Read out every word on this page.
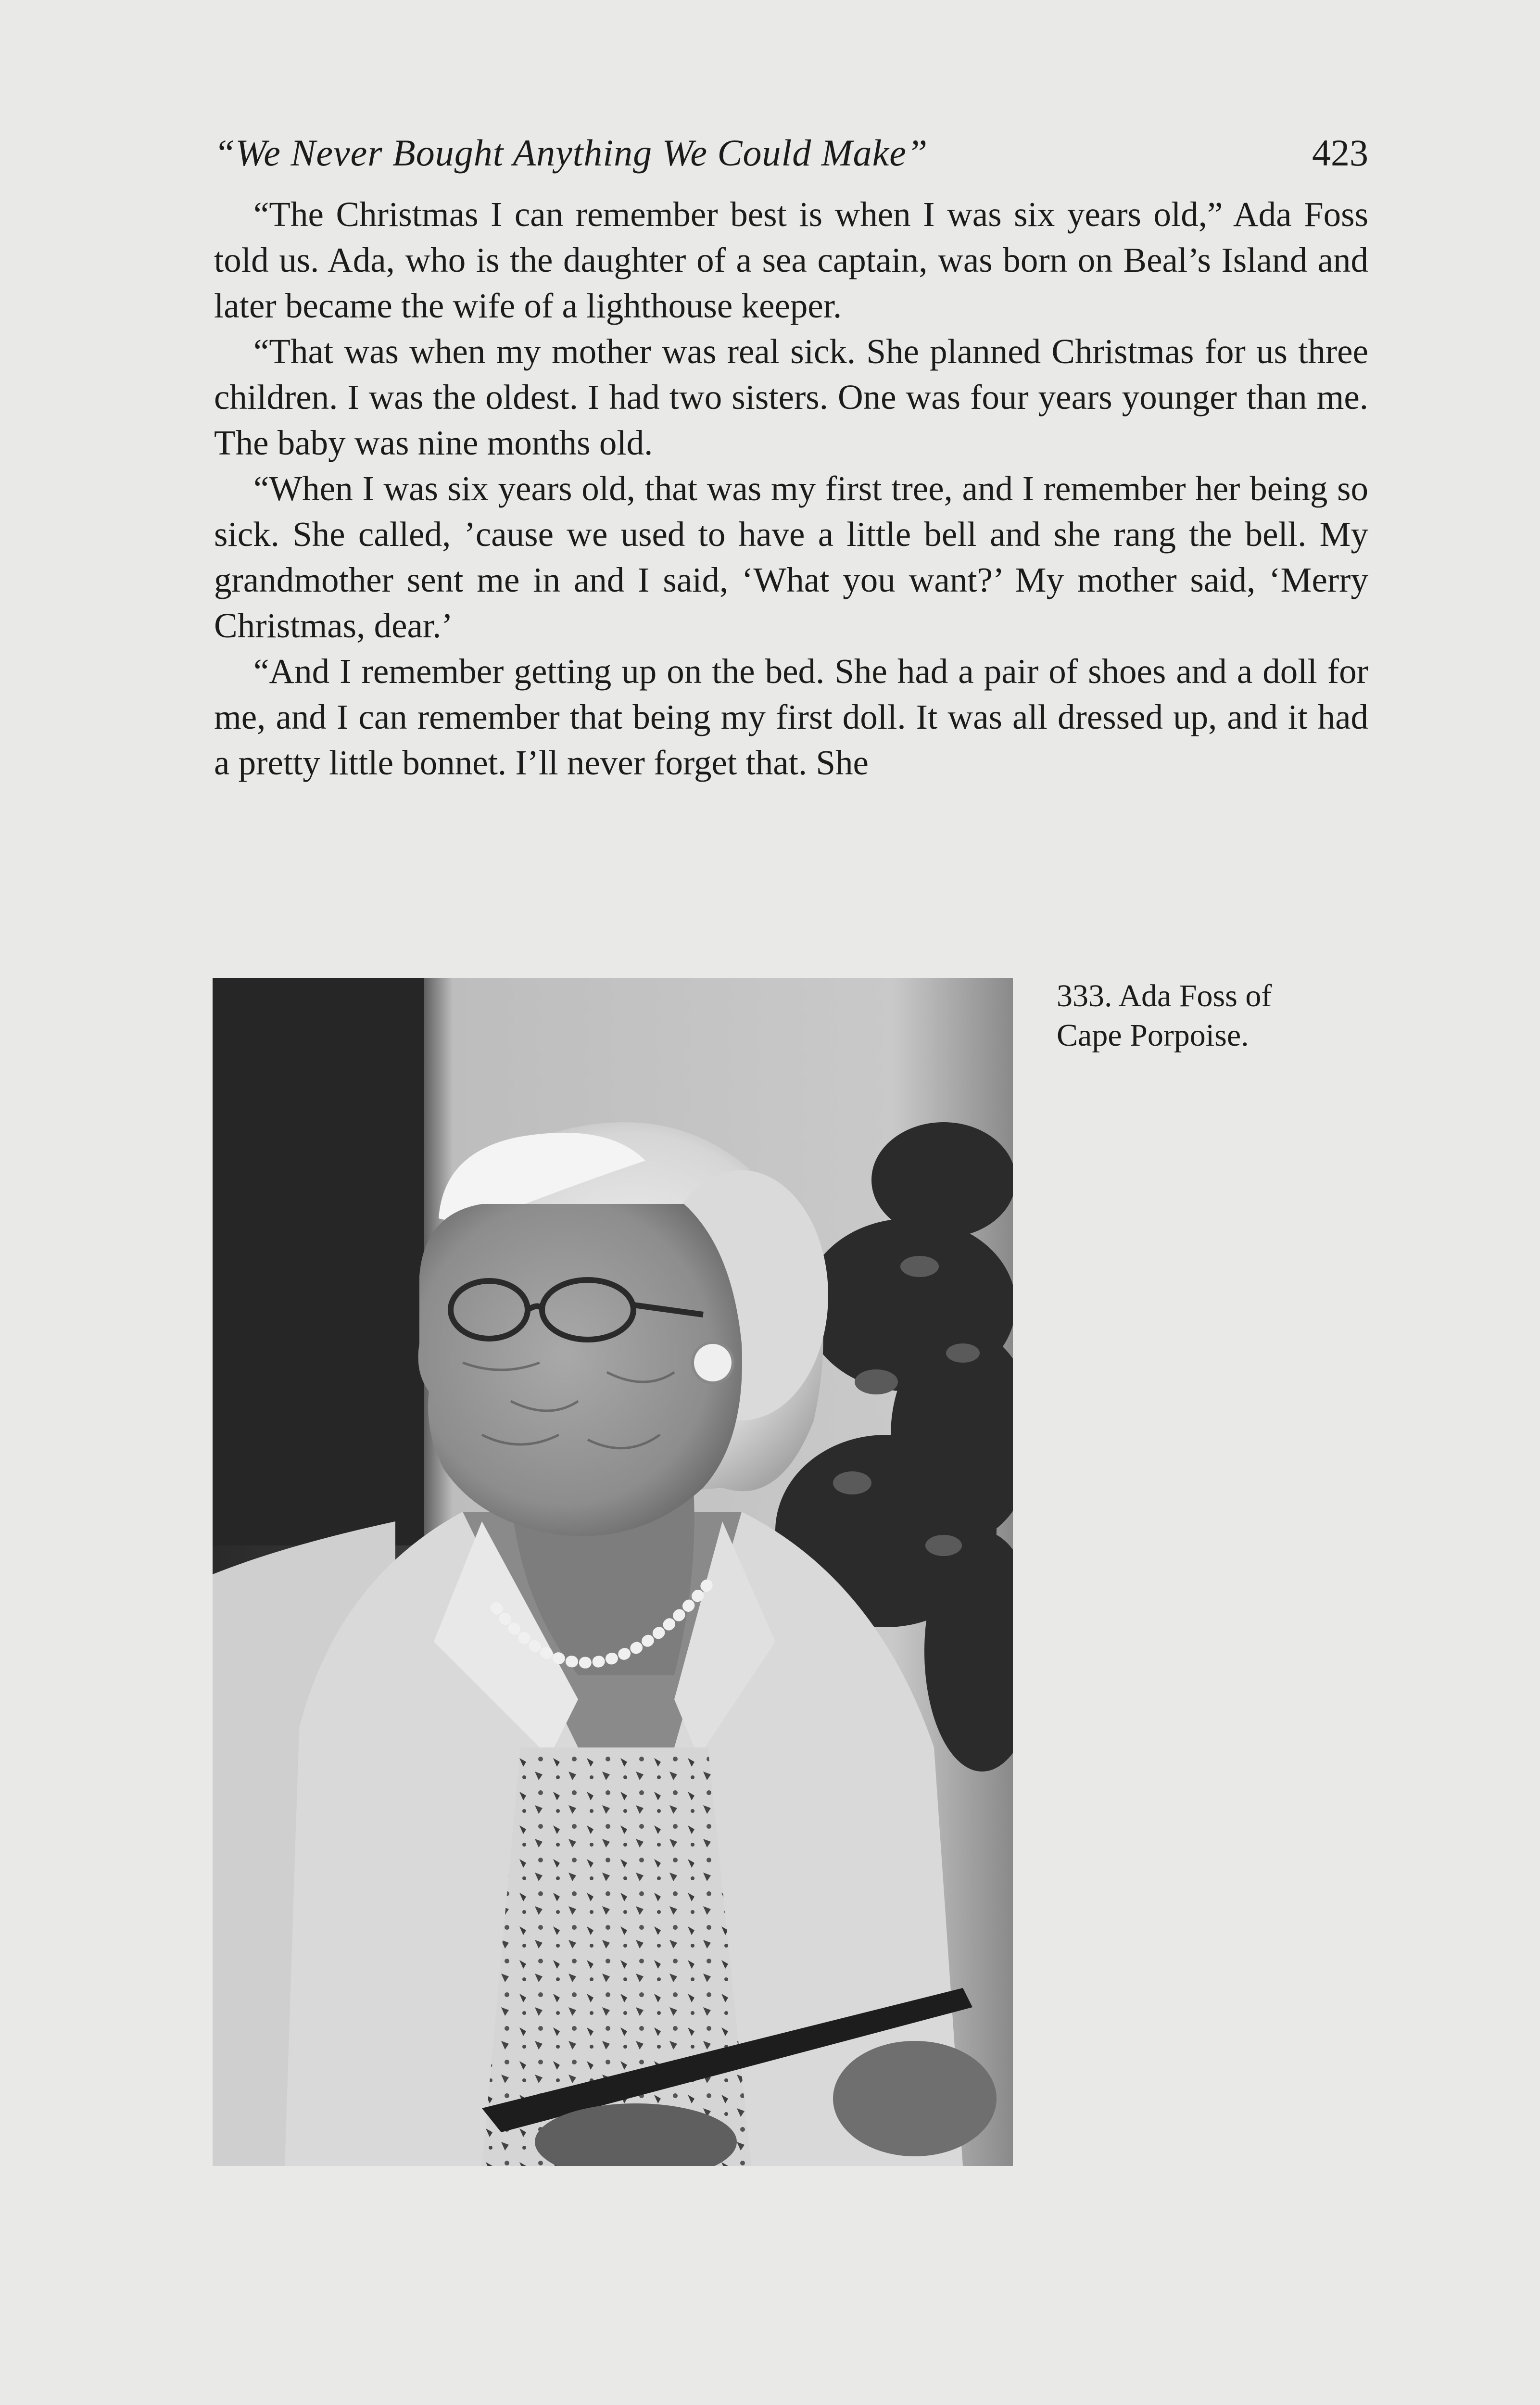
“We Never Bought Anything We Could Make”	423

“The Christmas I can remember best is when I was six years old,” Ada Foss told us. Ada, who is the daughter of a sea captain, was born on Beal’s Island and later became the wife of a lighthouse keeper.

“That was when my mother was real sick. She planned Christmas for us three children. I was the oldest. I had two sisters. One was four years younger than me. The baby was nine months old.

“When I was six years old, that was my first tree, and I remember her being so sick. She called, ’cause we used to have a little bell and she rang the bell. My grandmother sent me in and I said, ‘What you want?’ My mother said, ‘Merry Christmas, dear.’

“And I remember getting up on the bed. She had a pair of shoes and a doll for me, and I can remember that being my first doll. It was all dressed up, and it had a pretty little bonnet. I’ll never forget that. She

333. Ada Foss of
Cape Porpoise.
